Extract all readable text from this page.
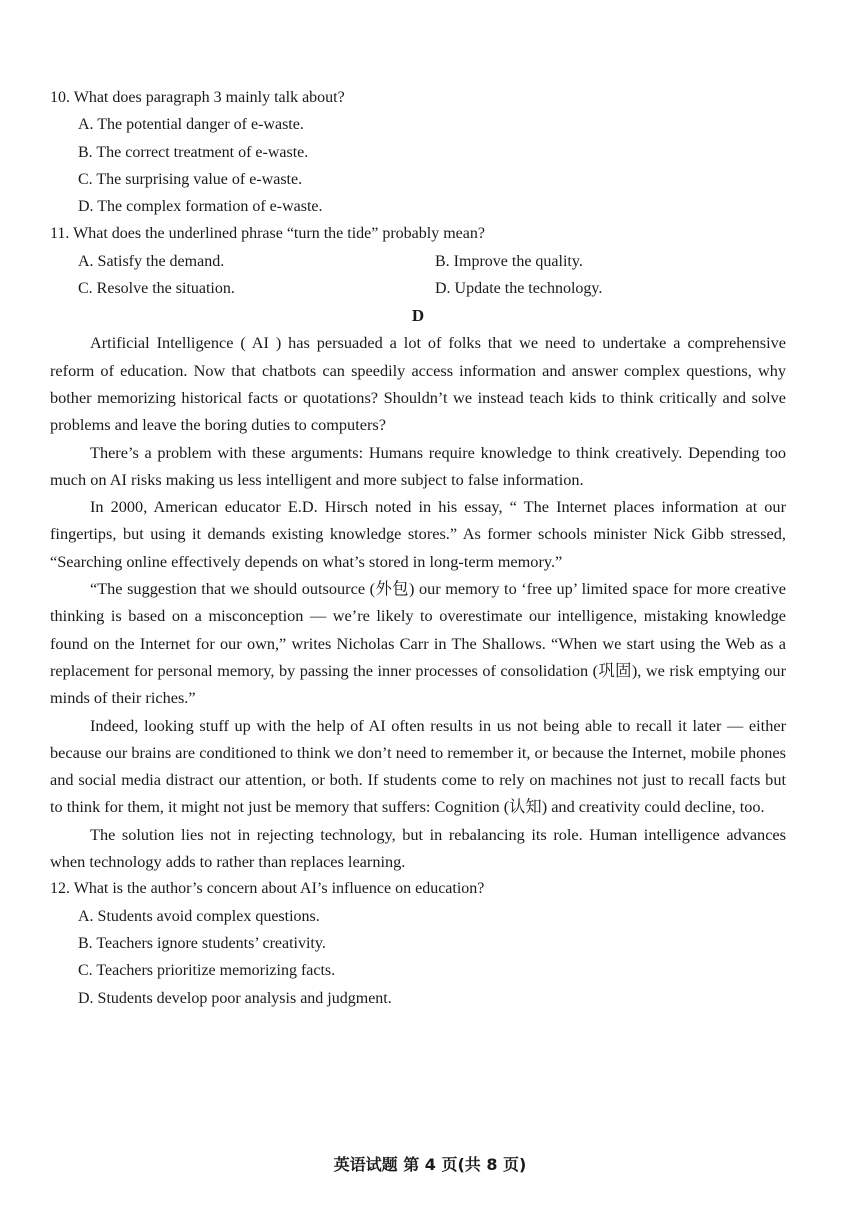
10. What does paragraph 3 mainly talk about?

A. The potential danger of e-waste.

B. The correct treatment of e-waste.

C. The surprising value of e-waste.

D. The complex formation of e-waste.

11. What does the underlined phrase “turn the tide” probably mean?

A. Satisfy the demand.	B. Improve the quality.
C. Resolve the situation.	D. Update the technology.

D

Artificial Intelligence ( AI ) has persuaded a lot of folks that we need to undertake a comprehensive reform of education. Now that chatbots can speedily access information and answer complex questions, why bother memorizing historical facts or quotations? Shouldn’t we instead teach kids to think critically and solve problems and leave the boring duties to computers?

There’s a problem with these arguments: Humans require knowledge to think creatively. Depending too much on AI risks making us less intelligent and more subject to false information.

In 2000, American educator E.D. Hirsch noted in his essay, “ The Internet places information at our fingertips, but using it demands existing knowledge stores.” As former schools minister Nick Gibb stressed, “Searching online effectively depends on what’s stored in long-term memory.”

“The suggestion that we should outsource (外包) our memory to ‘free up’ limited space for more creative thinking is based on a misconception — we’re likely to overestimate our intelligence, mistaking knowledge found on the Internet for our own,” writes Nicholas Carr in The Shallows. “When we start using the Web as a replacement for personal memory, by passing the inner processes of consolidation (巩固), we risk emptying our minds of their riches.”

Indeed, looking stuff up with the help of AI often results in us not being able to recall it later — either because our brains are conditioned to think we don’t need to remember it, or because the Internet, mobile phones and social media distract our attention, or both. If students come to rely on machines not just to recall facts but to think for them, it might not just be memory that suffers: Cognition (认知) and creativity could decline, too.

The solution lies not in rejecting technology, but in rebalancing its role. Human intelligence advances when technology adds to rather than replaces learning.

12. What is the author’s concern about AI’s influence on education?

A. Students avoid complex questions.

B. Teachers ignore students’ creativity.

C. Teachers prioritize memorizing facts.

D. Students develop poor analysis and judgment.

英语试题 第 4 页(共 8 页)
